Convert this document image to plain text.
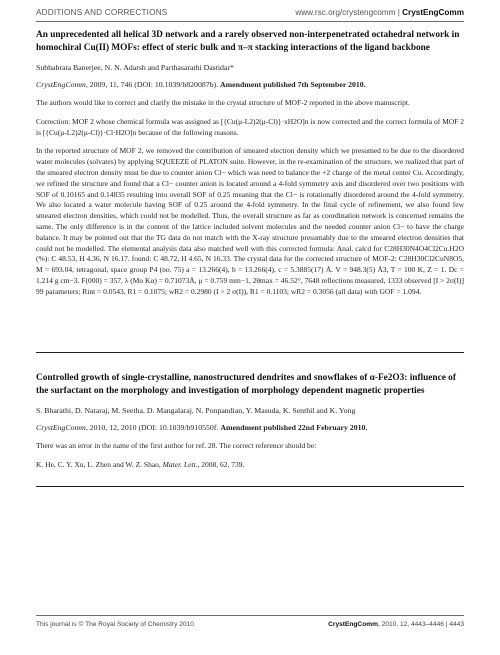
ADDITIONS AND CORRECTIONS	www.rsc.org/crystengcomm | CrystEngComm
An unprecedented all helical 3D network and a rarely observed non-interpenetrated octahedral network in homochiral Cu(II) MOFs: effect of steric bulk and π–π stacking interactions of the ligand backbone
Subhabrata Banerjee, N. N. Adarsh and Parthasarathi Dastidar*
CrystEngComm, 2009, 11, 746 (DOI: 10.1039/b820087b). Amendment published 7th September 2010.
The authors would like to correct and clarify the mistake in the crystal structure of MOF-2 reported in the above manuscript.
Correction: MOF 2 whose chemical formula was assigned as [{Cu(μ-L2)2(μ-Cl)}·xH2O]n is now corrected and the correct formula of MOF 2 is [{Cu(μ-L2)2(μ-Cl)}·Cl·H2O]n because of the following reasons.
In the reported structure of MOF 2, we removed the contribution of smeared electron density which we presumed to be due to the disordered water molecules (solvates) by applying SQUEEZE of PLATON suite. However, in the re-examination of the structure, we realized that part of the smeared electron density must be due to counter anion Cl− which was need to balance the +2 charge of the metal center Cu. Accordingly, we refined the structure and found that a Cl− counter anion is located around a 4-fold symmetry axis and disordered over two positions with SOF of 0.10165 and 0.14835 resulting into overall SOF of 0.25 meaning that the Cl− is rotationally disordered around the 4-fold symmetry. We also located a water molecule having SOF of 0.25 around the 4-fold symmetry. In the final cycle of refinement, we also found few smeared electron densities, which could not be modelled. Thus, the overall structure as far as coordination network is concerned remains the same. The only difference is in the content of the lattice included solvent molecules and the needed counter anion Cl− to have the charge balance. It may be pointed out that the TG data do not match with the X-ray structure presumably due to the smeared electron densities that could not be modelled. The elemental analysis data also matched well with this corrected formula: Anal. calcd for C28H30N4O4Cl2Cu.H2O (%): C 48.53, H 4.36, N 16.17. found: C 48.72, H 4.65, N 16.33. The crystal data for the corrected structure of MOF-2: C28H30Cl2CuN8O5, M = 693.04, tetragonal, space group P4 (no. 75) a = 13.266(4), b = 13.266(4), c = 5.3885(17) Å. V = 948.3(5) Å3, T = 100 K, Z = 1. Dc = 1.214 g cm−3. F(000) = 357, λ (Mo Kα) = 0.71073Å, μ = 0.759 mm−1, 2θmax = 46.52°, 7648 reflections measured, 1333 observed [I > 2σ(I)] 99 parameters; Rint = 0.0543, R1 = 0.1075; wR2 = 0.2980 (I > 2 σ(I)), R1 = 0.1103; wR2 = 0.3056 (all data) with GOF = 1.094.
Controlled growth of single-crystalline, nanostructured dendrites and snowflakes of α-Fe2O3: influence of the surfactant on the morphology and investigation of morphology dependent magnetic properties
S. Bharathi, D. Nataraj, M. Seetha, D. Mangalaraj, N. Ponpandian, Y. Masuda, K. Senthil and K. Yong
CrystEngComm, 2010, 12, 2010 (DOI: 10.1039/b910550f. Amendment published 22nd February 2010.
There was an error in the name of the first author for ref. 28. The correct reference should be:
K. He, C. Y. Xu, L. Zhen and W. Z. Shao, Mater. Lett., 2008, 62, 739.
This journal is © The Royal Society of Chemistry 2010	CrystEngComm, 2010, 12, 4443–4446 | 4443
